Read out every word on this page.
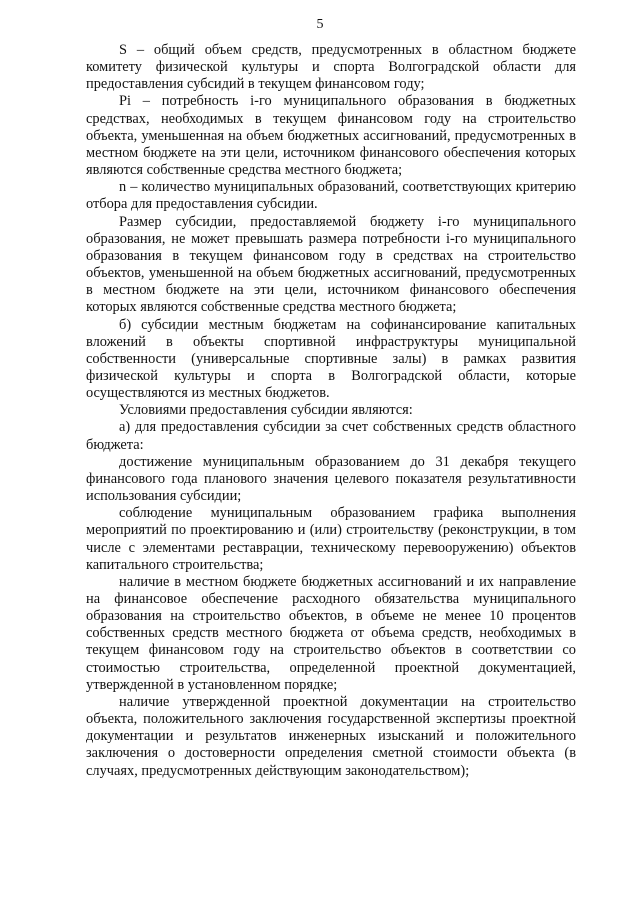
5

S – общий объем средств, предусмотренных в областном бюджете комитету физической культуры и спорта Волгоградской области для предоставления субсидий в текущем финансовом году;

Pi – потребность i-го муниципального образования в бюджетных средствах, необходимых в текущем финансовом году на строительство объекта, уменьшенная на объем бюджетных ассигнований, предусмотренных в местном бюджете на эти цели, источником финансового обеспечения которых являются собственные средства местного бюджета;

n – количество муниципальных образований, соответствующих критерию отбора для предоставления субсидии.

Размер субсидии, предоставляемой бюджету i-го муниципального образования, не может превышать размера потребности i-го муниципального образования в текущем финансовом году в средствах на строительство объектов, уменьшенной на объем бюджетных ассигнований, предусмотренных в местном бюджете на эти цели, источником финансового обеспечения которых являются собственные средства местного бюджета;

б) субсидии местным бюджетам на софинансирование капитальных вложений в объекты спортивной инфраструктуры муниципальной собственности (универсальные спортивные залы) в рамках развития физической культуры и спорта в Волгоградской области, которые осуществляются из местных бюджетов.

Условиями предоставления субсидии являются:

а) для предоставления субсидии за счет собственных средств областного бюджета:

достижение муниципальным образованием до 31 декабря текущего финансового года планового значения целевого показателя результативности использования субсидии;

соблюдение муниципальным образованием графика выполнения мероприятий по проектированию и (или) строительству (реконструкции, в том числе с элементами реставрации, техническому перевооружению) объектов капитального строительства;

наличие в местном бюджете бюджетных ассигнований и их направление на финансовое обеспечение расходного обязательства муниципального образования на строительство объектов, в объеме не менее 10 процентов собственных средств местного бюджета от объема средств, необходимых в текущем финансовом году на строительство объектов в соответствии со стоимостью строительства, определенной проектной документацией, утвержденной в установленном порядке;

наличие утвержденной проектной документации на строительство объекта, положительного заключения государственной экспертизы проектной документации и результатов инженерных изысканий и положительного заключения о достоверности определения сметной стоимости объекта (в случаях, предусмотренных действующим законодательством);
